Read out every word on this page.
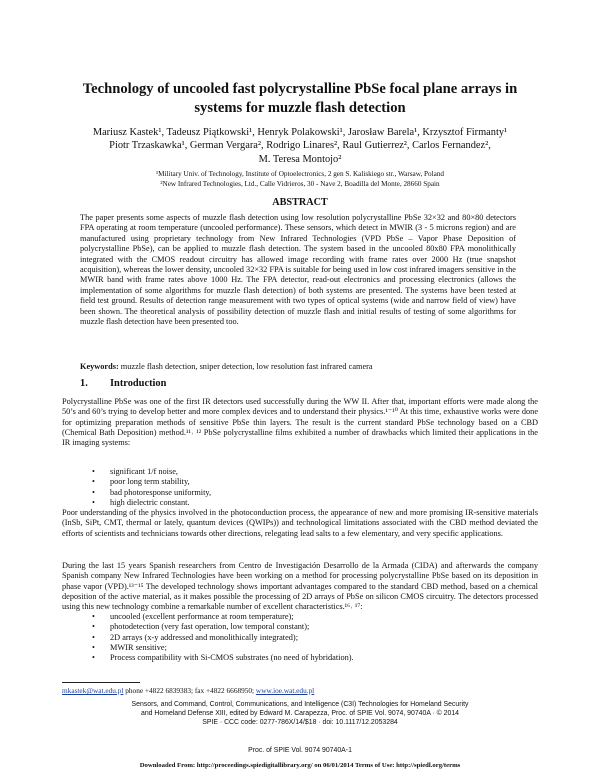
Technology of uncooled fast polycrystalline PbSe focal plane arrays in systems for muzzle flash detection
Mariusz Kastek¹, Tadeusz Piątkowski¹, Henryk Polakowski¹, Jarosław Barela¹, Krzysztof Firmanty¹
Piotr Trzaskawka¹, German Vergara², Rodrigo Linares², Raul Gutierrez², Carlos Fernandez²,
M. Teresa Montojo²
¹Military Univ. of Technology, Institute of Optoelectronics, 2 gen S. Kaliskiego str., Warsaw, Poland
²New Infrared Technologies, Ltd., Calle Vidrieros, 30 - Nave 2, Boadilla del Monte, 28660 Spain
ABSTRACT
The paper presents some aspects of muzzle flash detection using low resolution polycrystalline PbSe 32×32 and 80×80 detectors FPA operating at room temperature (uncooled performance). These sensors, which detect in MWIR (3 - 5 microns region) and are manufactured using proprietary technology from New Infrared Technologies (VPD PbSe – Vapor Phase Deposition of polycrystalline PbSe), can be applied to muzzle flash detection. The system based in the uncooled 80x80 FPA monolithically integrated with the CMOS readout circuitry has allowed image recording with frame rates over 2000 Hz (true snapshot acquisition), whereas the lower density, uncooled 32×32 FPA is suitable for being used in low cost infrared imagers sensitive in the MWIR band with frame rates above 1000 Hz. The FPA detector, read-out electronics and processing electronics (allows the implementation of some algorithms for muzzle flash detection) of both systems are presented. The systems have been tested at field test ground. Results of detection range measurement with two types of optical systems (wide and narrow field of view) have been shown. The theoretical analysis of possibility detection of muzzle flash and initial results of testing of some algorithms for muzzle flash detection have been presented too.
Keywords: muzzle flash detection, sniper detection, low resolution fast infrared camera
1. Introduction
Polycrystalline PbSe was one of the first IR detectors used successfully during the WW II. After that, important efforts were made along the 50’s and 60’s trying to develop better and more complex devices and to understand their physics.¹⁻¹⁰ At this time, exhaustive works were done for optimizing preparation methods of sensitive PbSe thin layers. The result is the current standard PbSe technology based on a CBD (Chemical Bath Deposition) method.¹¹˒ ¹² PbSe polycrystalline films exhibited a number of drawbacks which limited their applications in the IR imaging systems:
• significant 1/f noise,
• poor long term stability,
• bad photoresponse uniformity,
• high dielectric constant.
Poor understanding of the physics involved in the photoconduction process, the appearance of new and more promising IR-sensitive materials (InSb, SiPt, CMT, thermal or lately, quantum devices (QWIPs)) and technological limitations associated with the CBD method deviated the efforts of scientists and technicians towards other directions, relegating lead salts to a few elementary, and very specific applications.
During the last 15 years Spanish researchers from Centro de Investigación Desarrollo de la Armada (CIDA) and afterwards the company Spanish company New Infrared Technologies have been working on a method for processing polycrystalline PbSe based on its deposition in phase vapor (VPD).¹³⁻¹⁵ The developed technology shows important advantages compared to the standard CBD method, based on a chemical deposition of the active material, as it makes possible the processing of 2D arrays of PbSe on silicon CMOS circuitry. The detectors processed using this new technology combine a remarkable number of excellent characteristics.¹⁶˒ ¹⁷:
• uncooled (excellent performance at room temperature);
• photodetection (very fast operation, low temporal constant);
• 2D arrays (x-y addressed and monolithically integrated);
• MWIR sensitive;
• Process compatibility with Si-CMOS substrates (no need of hybridation).
mkastek@wat.edu.pl phone +4822 6839383; fax +4822 6668950; www.ioe.wat.edu.pl
Sensors, and Command, Control, Communications, and Intelligence (C3I) Technologies for Homeland Security
and Homeland Defense XIII, edited by Edward M. Carapezza, Proc. of SPIE Vol. 9074, 90740A · © 2014
SPIE · CCC code: 0277-786X/14/$18 · doi: 10.1117/12.2053284
Proc. of SPIE Vol. 9074 90740A-1
Downloaded From: http://proceedings.spiedigitallibrary.org/ on 06/01/2014 Terms of Use: http://spiedl.org/terms
